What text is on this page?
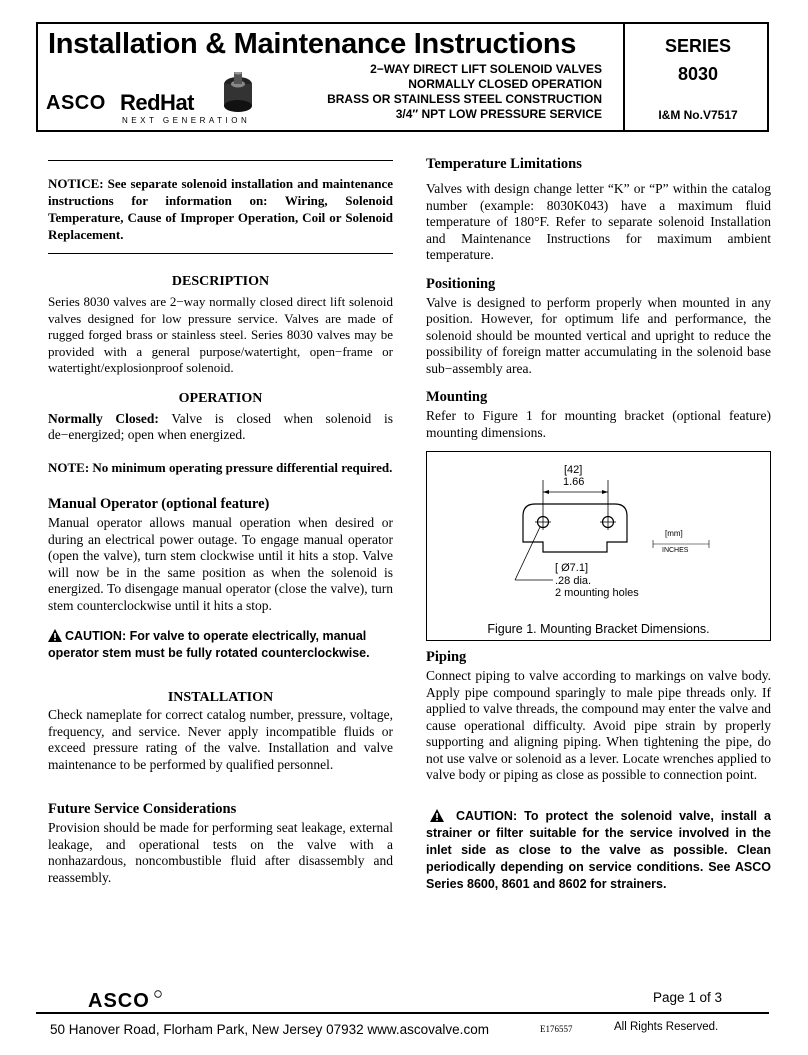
Installation & Maintenance Instructions
ASCO RedHat
NEXT GENERATION
2−WAY DIRECT LIFT SOLENOID VALVES
NORMALLY CLOSED OPERATION
BRASS OR STAINLESS STEEL CONSTRUCTION
3/4″ NPT LOW PRESSURE SERVICE
SERIES
8030
I&M No.V7517
NOTICE: See separate solenoid installation and maintenance instructions for information on: Wiring, Solenoid Temperature, Cause of Improper Operation, Coil or Solenoid Replacement.
DESCRIPTION

Series 8030 valves are 2−way normally closed direct lift solenoid valves designed for low pressure service. Valves are made of rugged forged brass or stainless steel. Series 8030 valves may be provided with a general purpose/watertight, open−frame or watertight/explosionproof solenoid.

OPERATION

Normally Closed: Valve is closed when solenoid is de−energized; open when energized.

NOTE: No minimum operating pressure differential required.

Manual Operator (optional feature)

Manual operator allows manual operation when desired or during an electrical power outage. To engage manual operator (open the valve), turn stem clockwise until it hits a stop. Valve will now be in the same position as when the solenoid is energized. To disengage manual operator (close the valve), turn stem counterclockwise until it hits a stop.

CAUTION: For valve to operate electrically, manual operator stem must be fully rotated counterclockwise.
INSTALLATION

Check nameplate for correct catalog number, pressure, voltage, frequency, and service. Never apply incompatible fluids or exceed pressure rating of the valve. Installation and valve maintenance to be performed by qualified personnel.

Future Service Considerations

Provision should be made for performing seat leakage, external leakage, and operational tests on the valve with a nonhazardous, noncombustible fluid after disassembly and reassembly.

Temperature Limitations

Valves with design change letter “K” or “P” within the catalog number (example: 8030K043) have a maximum fluid temperature of 180°F. Refer to separate solenoid Installation and Maintenance Instructions for maximum ambient temperature.

Positioning

Valve is designed to perform properly when mounted in any position. However, for optimum life and performance, the solenoid should be mounted vertical and upright to reduce the possibility of foreign matter accumulating in the solenoid base sub−assembly area.

Mounting

Refer to Figure 1 for mounting bracket (optional feature) mounting dimensions.

[42]
1.66
[mm]
INCHES
[ Ø7.1]
.28 dia.
2 mounting holes
Figure 1. Mounting Bracket Dimensions.
Piping

Connect piping to valve according to markings on valve body. Apply pipe compound sparingly to male pipe threads only. If applied to valve threads, the compound may enter the valve and cause operational difficulty. Avoid pipe strain by properly supporting and aligning piping. When tightening the pipe, do not use valve or solenoid as a lever. Locate wrenches applied to valve body or piping as close as possible to connection point.

CAUTION: To protect the solenoid valve, install a strainer or filter suitable for the service involved in the inlet side as close to the valve as possible. Clean periodically depending on service conditions. See ASCO Series 8600, 8601 and 8602 for strainers.
ASCO	Page 1 of 3
50 Hanover Road, Florham Park, New Jersey 07932 www.ascovalve.com	E176557	All Rights Reserved.
